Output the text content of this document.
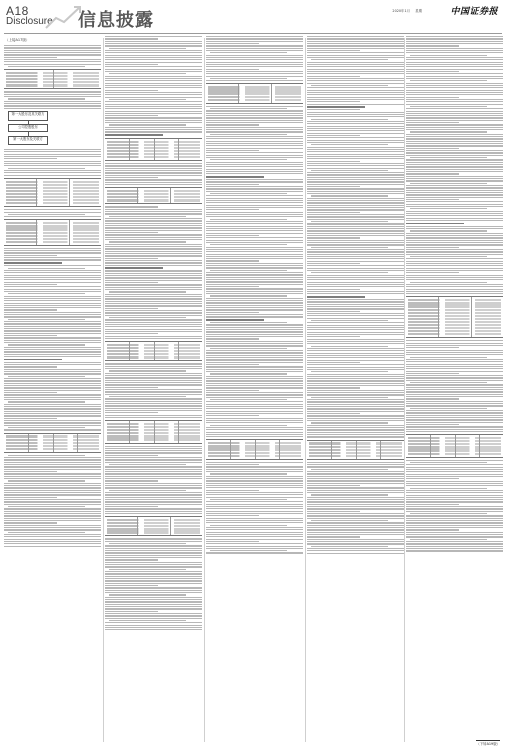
A18
Disclosure 信息披露	2020年1月 星期	中国证券报
（上接A17版）
第一大股东及其关联方
公司控股股东
第一大股东及关联方
（下转A19版）
